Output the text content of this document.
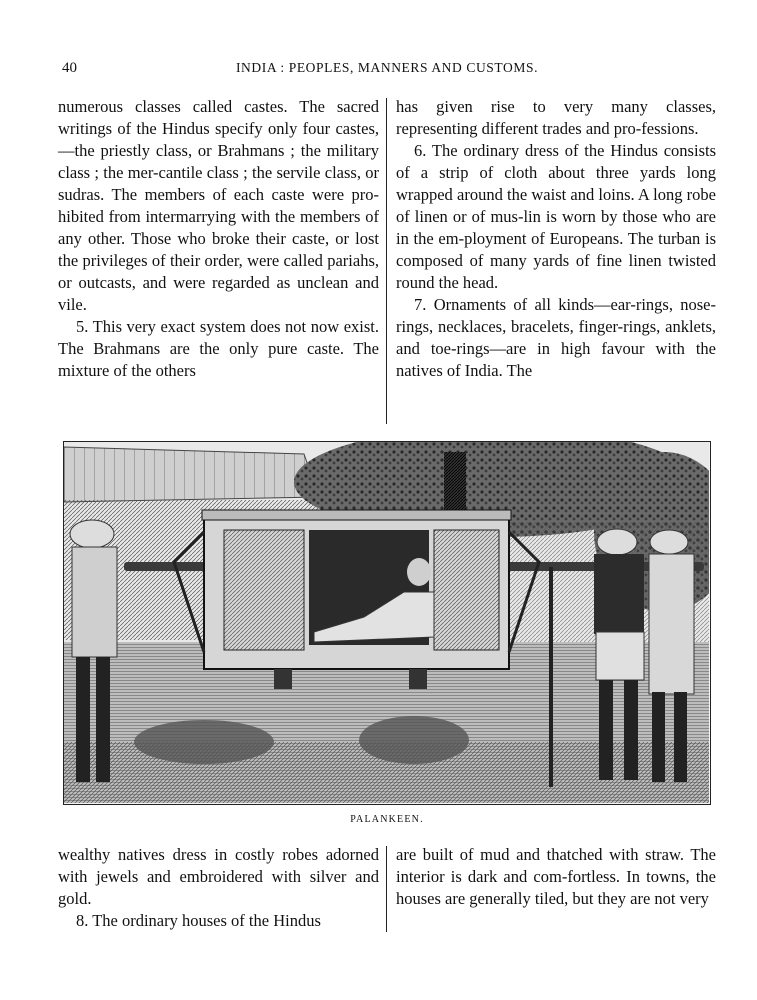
40	INDIA : PEOPLES, MANNERS AND CUSTOMS.

numerous classes called castes. The sacred writings of the Hindus specify only four castes,—the priestly class, or Brahmans ; the military class ; the mer-cantile class ; the servile class, or sudras. The members of each caste were pro-hibited from intermarrying with the members of any other. Those who broke their caste, or lost the privileges of their order, were called pariahs, or outcasts, and were regarded as unclean and vile.

5. This very exact system does not now exist. The Brahmans are the only pure caste. The mixture of the others

has given rise to very many classes, representing different trades and pro-fessions.

6. The ordinary dress of the Hindus consists of a strip of cloth about three yards long wrapped around the waist and loins. A long robe of linen or of mus-lin is worn by those who are in the em-ployment of Europeans. The turban is composed of many yards of fine linen twisted round the head.

7. Ornaments of all kinds—ear-rings, nose-rings, necklaces, bracelets, finger-rings, anklets, and toe-rings—are in high favour with the natives of India. The

PALANKEEN.

wealthy natives dress in costly robes adorned with jewels and embroidered with silver and gold.

8. The ordinary houses of the Hindus

are built of mud and thatched with straw. The interior is dark and com-fortless. In towns, the houses are generally tiled, but they are not very
